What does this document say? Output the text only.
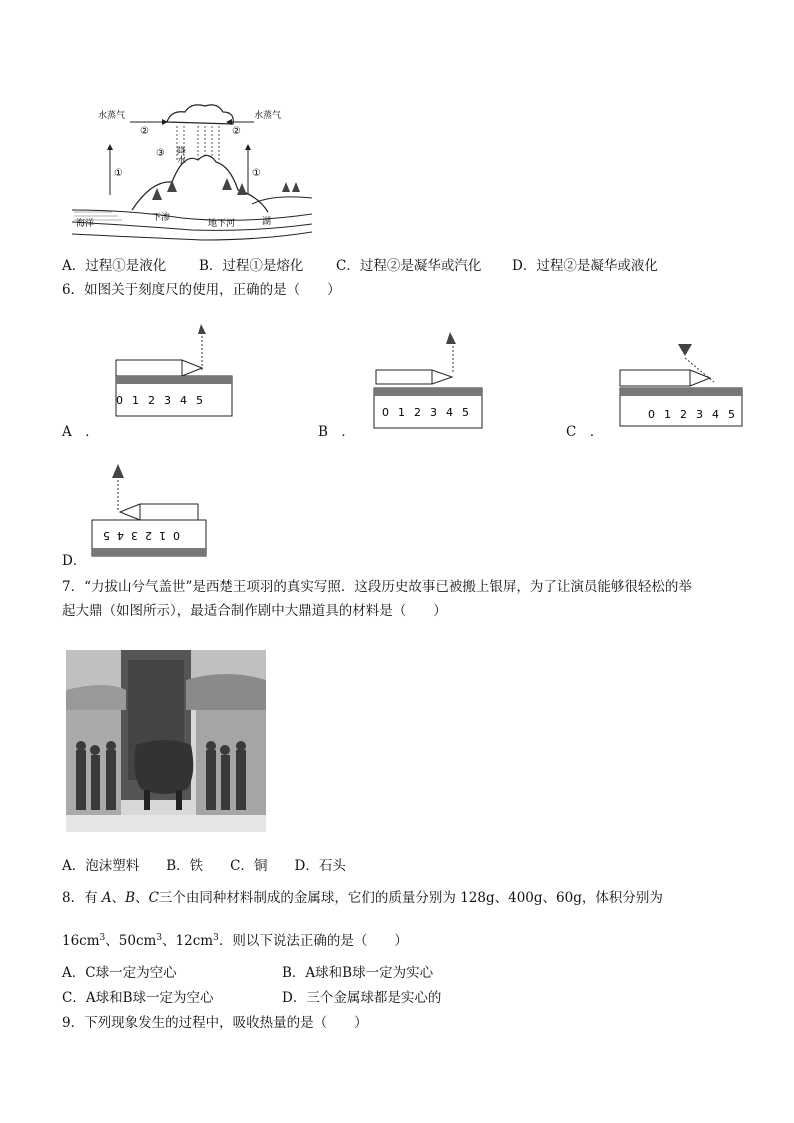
水蒸气	水蒸气
②	②
③
①	①
降水
海洋
下渗
地下河	湖
A．过程①是液化 B．过程①是熔化 C．过程②是凝华或汽化 D．过程②是凝华或液化
6．如图关于刻度尺的使用，正确的是（　　）
0 1 2 3 4 5
A　．
0 1 2 3 4 5
B　．
0 1 2 3 4 5
C　．
0
1
2
3
4
5
D．
7．“力拔山兮气盖世”是西楚王项羽的真实写照．这段历史故事已被搬上银屏，为了让演员能够很轻松的举
起大鼎（如图所示），最适合制作剧中大鼎道具的材料是（　　）
A．泡沫塑料　　B．铁　　C．铜　　D．石头
8．有 A、B、C三个由同种材料制成的金属球，它们的质量分别为 128g、400g、60g，体积分别为
$16cm^3$、$50cm^3$、$12cm^3$．则以下说法正确的是（　　）
A．C球一定为空心	B．A球和B球一定为实心
C．A球和B球一定为空心	D．三个金属球都是实心的
9．下列现象发生的过程中，吸收热量的是（　　）
